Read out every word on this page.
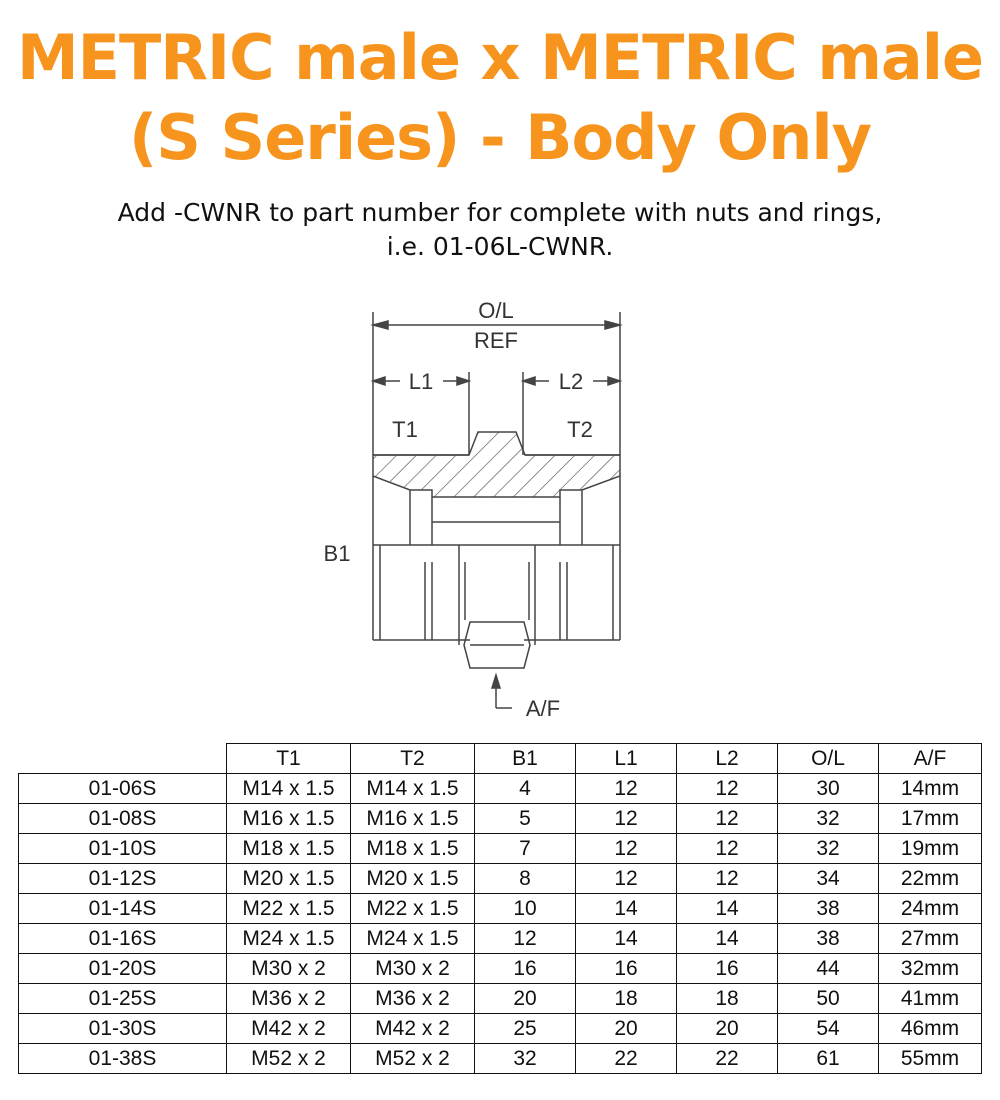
METRIC male x METRIC male
(S Series) - Body Only
Add -CWNR to part number for complete with nuts and rings,
i.e. 01-06L-CWNR.
O/L
REF
L1	L2
T1	T2
B1
A/F
	T1	T2	B1	L1	L2	O/L	A/F
01-06S	M14 x 1.5	M14 x 1.5	4	12	12	30	14mm
01-08S	M16 x 1.5	M16 x 1.5	5	12	12	32	17mm
01-10S	M18 x 1.5	M18 x 1.5	7	12	12	32	19mm
01-12S	M20 x 1.5	M20 x 1.5	8	12	12	34	22mm
01-14S	M22 x 1.5	M22 x 1.5	10	14	14	38	24mm
01-16S	M24 x 1.5	M24 x 1.5	12	14	14	38	27mm
01-20S	M30 x 2	M30 x 2	16	16	16	44	32mm
01-25S	M36 x 2	M36 x 2	20	18	18	50	41mm
01-30S	M42 x 2	M42 x 2	25	20	20	54	46mm
01-38S	M52 x 2	M52 x 2	32	22	22	61	55mm
